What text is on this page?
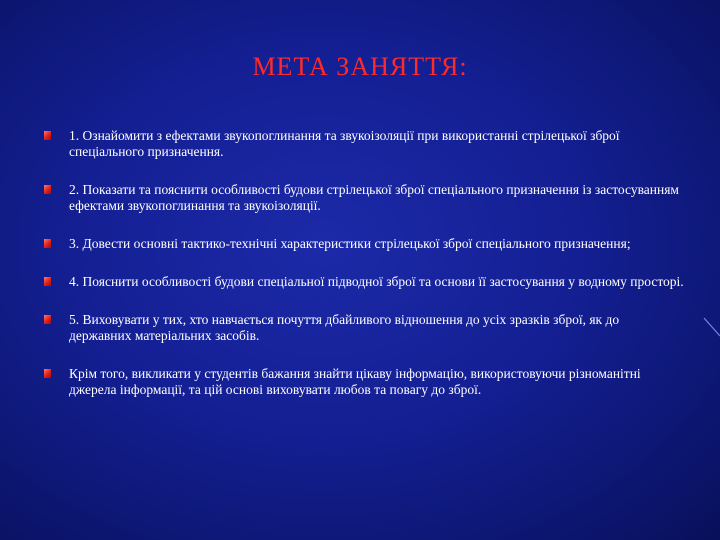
МЕТА ЗАНЯТТЯ:
1. Ознайомити з ефектами звукопоглинання та звукоізоляції при використанні стрілецької зброї спеціального призначення.
2. Показати та пояснити особливості будови стрілецької зброї спеціального призначення із застосуванням ефектами звукопоглинання та звукоізоляції.
3. Довести основні тактико-технічні характеристики стрілецької зброї спеціального призначення;
4. Пояснити особливості будови спеціальної підводної зброї та основи її застосування у водному просторі.
5. Виховувати у тих, хто навчається почуття дбайливого відношення до усіх зразків зброї, як до державних матеріальних засобів.
Крім того, викликати у студентів бажання знайти цікаву інформацію, використовуючи різноманітні джерела інформації, та цій основі виховувати любов та повагу до зброї.
